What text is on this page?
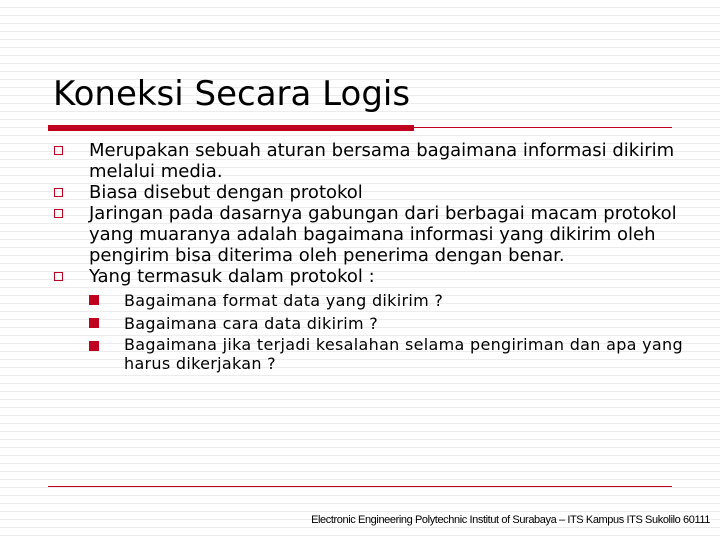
Koneksi Secara Logis
Merupakan sebuah aturan bersama bagaimana informasi dikirim melalui media.
Biasa disebut dengan protokol
Jaringan pada dasarnya gabungan dari berbagai macam protokol yang muaranya adalah bagaimana informasi yang dikirim oleh pengirim bisa diterima oleh penerima dengan benar.
Yang termasuk dalam protokol :
Bagaimana format data yang dikirim ?
Bagaimana cara data dikirim ?
Bagaimana jika terjadi kesalahan selama pengiriman dan apa yang harus dikerjakan ?
Electronic Engineering Polytechnic Institut of Surabaya – ITS Kampus ITS Sukolilo 60111
